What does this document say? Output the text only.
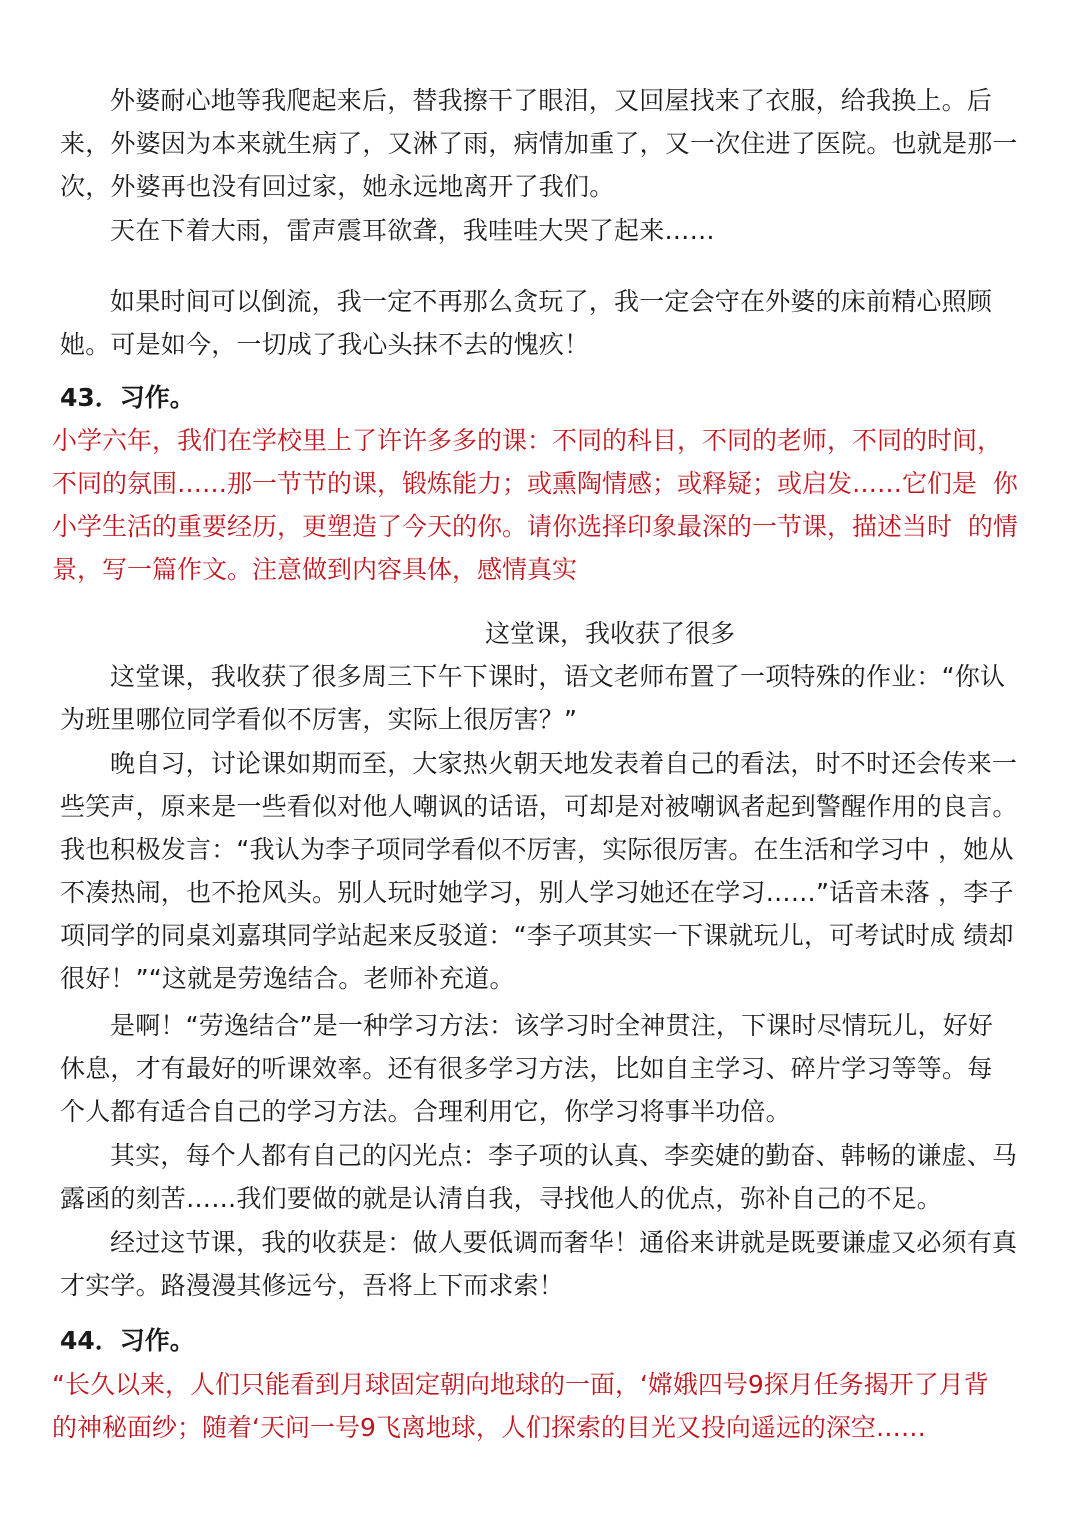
外婆耐心地等我爬起来后，替我擦干了眼泪，又回屋找来了衣服，给我换上。后来，外婆因为本来就生病了，又淋了雨，病情加重了，又一次住进了医院。也就是那一次，外婆再也没有回过家，她永远地离开了我们。
天在下着大雨，雷声震耳欲聋，我哇哇大哭了起来……
如果时间可以倒流，我一定不再那么贪玩了，我一定会守在外婆的床前精心照顾她。可是如今，一切成了我心头抹不去的愧疚！
43．习作。
小学六年，我们在学校里上了许许多多的课：不同的科目，不同的老师，不同的时间，不同的氛围……那一节节的课，锻炼能力；或熏陶情感；或释疑；或启发……它们是  你小学生活的重要经历，更塑造了今天的你。请你选择印象最深的一节课，描述当时  的情景，写一篇作文。注意做到内容具体，感情真实
这堂课，我收获了很多
这堂课，我收获了很多周三下午下课时，语文老师布置了一项特殊的作业：“你认 为班里哪位同学看似不厉害，实际上很厉害？”
晚自习，讨论课如期而至，大家热火朝天地发表着自己的看法，时不时还会传来一些笑声，原来是一些看似对他人嘲讽的话语，可却是对被嘲讽者起到警醒作用的良言。我也积极发言：“我认为李子项同学看似不厉害，实际很厉害。在生活和学习中 ，她从不凑热闹，也不抢风头。别人玩时她学习，别人学习她还在学习……”话音未落 ，李子项同学的同桌刘嘉琪同学站起来反驳道：“李子项其实一下课就玩儿，可考试时成 绩却很好！”“这就是劳逸结合。老师补充道。
是啊！“劳逸结合”是一种学习方法：该学习时全神贯注，下课时尽情玩儿，好好 休息，才有最好的听课效率。还有很多学习方法，比如自主学习、碎片学习等等。每 个人都有适合自己的学习方法。合理利用它，你学习将事半功倍。
其实，每个人都有自己的闪光点：李子项的认真、李奕婕的勤奋、韩畅的谦虚、马露函的刻苦……我们要做的就是认清自我，寻找他人的优点，弥补自己的不足。
经过这节课，我的收获是：做人要低调而奢华！通俗来讲就是既要谦虚又必须有真才实学。路漫漫其修远兮，吾将上下而求索！
44．习作。
“长久以来，人们只能看到月球固定朝向地球的一面，‘嫦娥四号9探月任务揭开了月背 的神秘面纱；随着‘天问一号9飞离地球，人们探索的目光又投向遥远的深空……
